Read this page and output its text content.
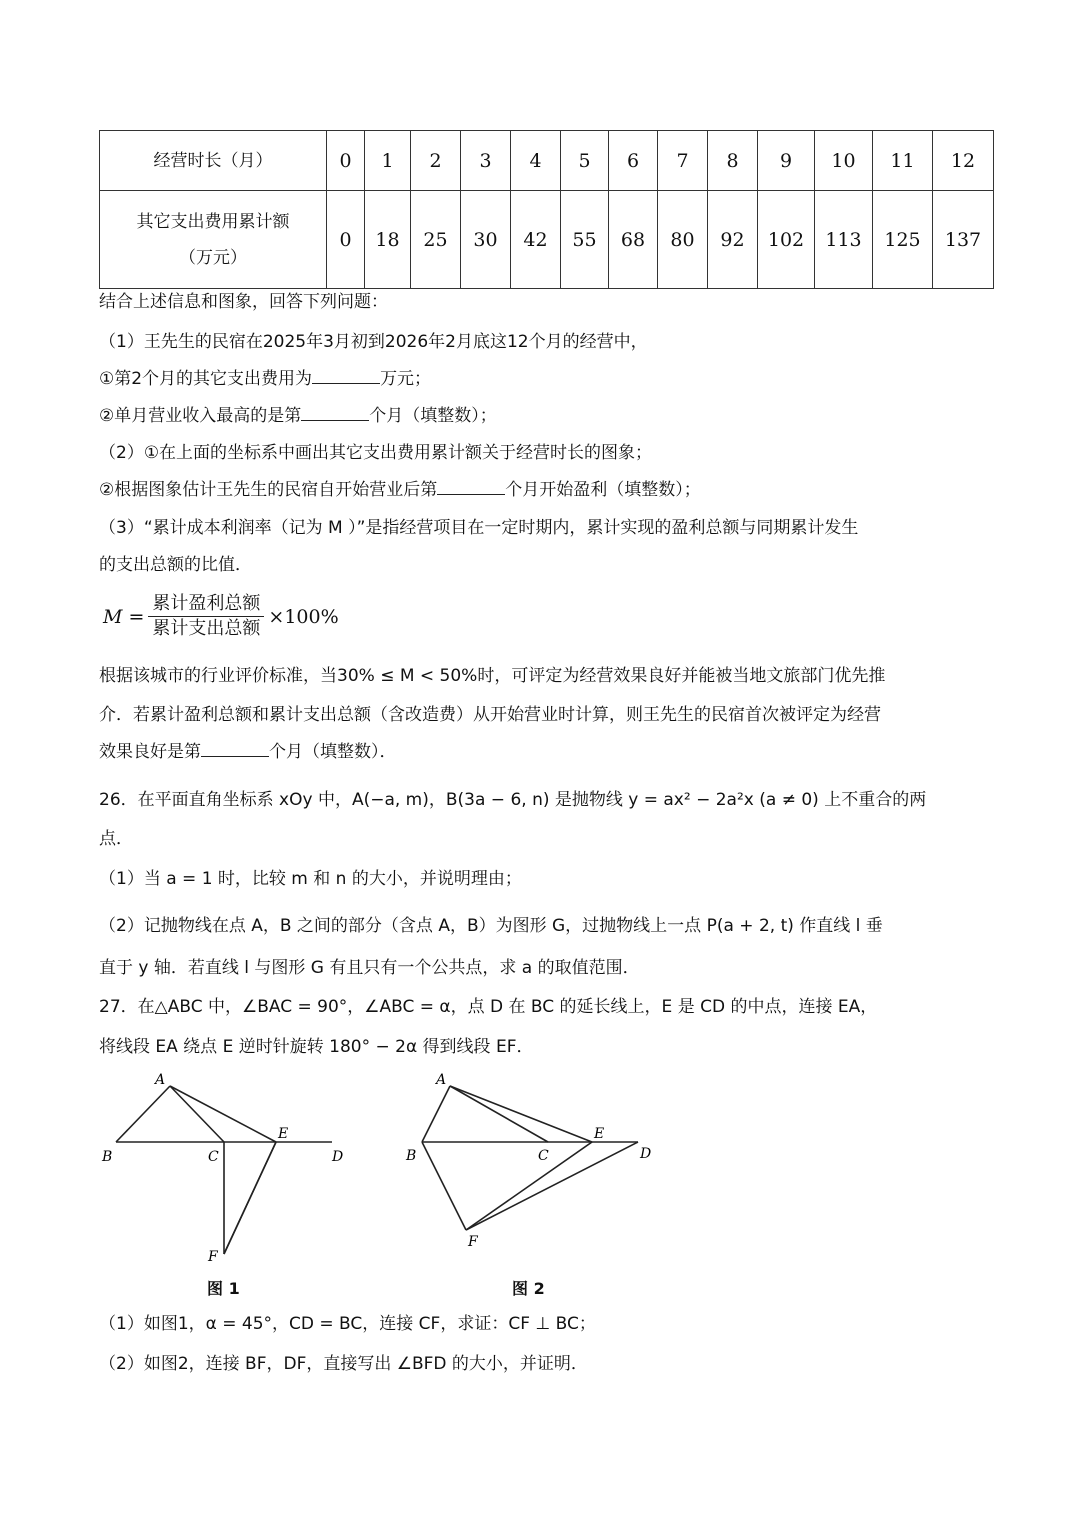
经营时长（月）	0	1	2	3	4	5	6	7	8	9	10	11	12

其它支出费用累计额
（万元）	0	18	25	30	42	55	68	80	92	102	113	125	137
结合上述信息和图象，回答下列问题：
（1）王先生的民宿在2025年3月初到2026年2月底这12个月的经营中，
①第2个月的其它支出费用为	万元；
②单月营业收入最高的是第	个月（填整数）；
（2）①在上面的坐标系中画出其它支出费用累计额关于经营时长的图象；
②根据图象估计王先生的民宿自开始营业后第	个月开始盈利（填整数）；
（3）“累计成本利润率（记为 M ）”是指经营项目在一定时期内，累计实现的盈利总额与同期累计发生
的支出总额的比值．
$M = \frac{\text{累计盈利总额}}{\text{累计支出总额}} \times 100\%$
根据该城市的行业评价标准，当30% ≤ M < 50%时，可评定为经营效果良好并能被当地文旅部门优先推
介．若累计盈利总额和累计支出总额（含改造费）从开始营业时计算，则王先生的民宿首次被评定为经营
效果良好是第	个月（填整数）．
26．在平面直角坐标系 xOy 中，A(−a, m)，B(3a − 6, n) 是抛物线 y = ax² − 2a²x (a ≠ 0) 上不重合的两
点．
（1）当 a = 1 时，比较 m 和 n 的大小，并说明理由；
（2）记抛物线在点 A，B 之间的部分（含点 A，B）为图形 G，过抛物线上一点 P(a + 2, t) 作直线 l 垂
直于 y 轴．若直线 l 与图形 G 有且只有一个公共点，求 a 的取值范围．
27．在△ABC 中，∠BAC = 90°，∠ABC = α，点 D 在 BC 的延长线上，E 是 CD 的中点，连接 EA，
将线段 EA 绕点 E 逆时针旋转 180° − 2α 得到线段 EF．
A
B	C
E
D
F
图 1
A
B	C
E
D
F
图 2
（1）如图1，α = 45°，CD = BC，连接 CF，求证：CF ⊥ BC；
（2）如图2，连接 BF，DF，直接写出 ∠BFD 的大小，并证明．
